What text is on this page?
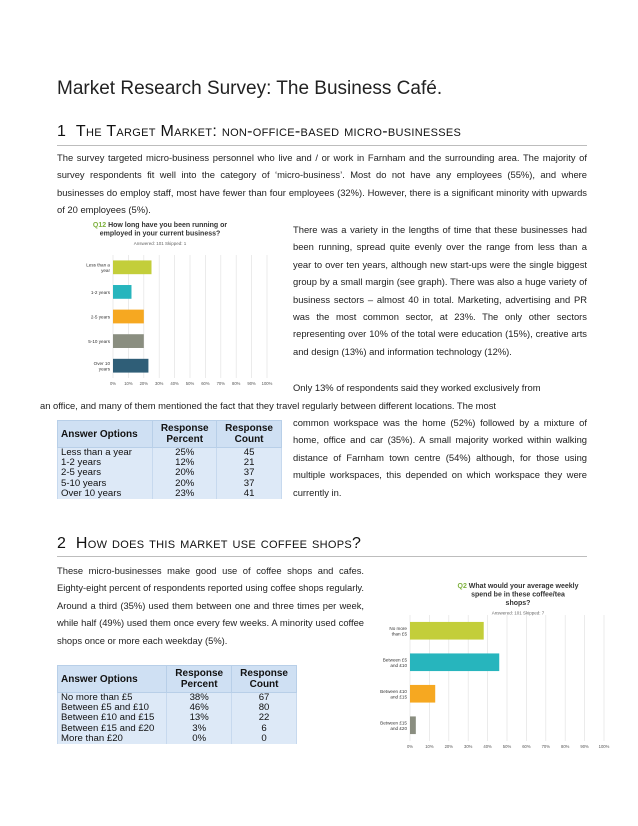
Market Research Survey: The Business Café.
1 The Target Market: non-office-based micro-businesses
The survey targeted micro-business personnel who live and / or work in Farnham and the surrounding area. The majority of survey respondents fit well into the category of ‘micro-business’. Most do not have any employees (55%), and where businesses do employ staff, most have fewer than four employees (32%). However, there is a significant minority with upwards of 20 employees (5%).
Q12 How long have you been running or
employed in your current business?
Answered: 101 Skipped: 1
0% 10% 20% 30% 40% 50% 60% 70% 80% 90% 100%
Less than a
year
1-2 years
2-5 years
5-10 years
Over 10
years
There was a variety in the lengths of time that these businesses had been running, spread quite evenly over the range from less than a year to over ten years, although new start-ups were the single biggest group by a small margin (see graph). There was also a huge variety of business sectors – almost 40 in total. Marketing, advertising and PR was the most common sector, at 23%. The only other sectors representing over 10% of the total were education (15%), creative arts and design (13%) and information technology (12%).
Only 13% of respondents said they worked exclusively from
an office, and many of them mentioned the fact that they travel regularly between different locations. The most
common workspace was the home (52%) followed by a mixture of home, office and car (35%). A small majority worked within walking distance of Farnham town centre (54%) although, for those using multiple workspaces, this depended on which workspace they were currently in.
Answer Options	Response Percent	Response Count
Less than a year	25%	45
1-2 years	12%	21
2-5 years	20%	37
5-10 years	20%	37
Over 10 years	23%	41
2 How does this market use coffee shops?
These micro-businesses make good use of coffee shops and cafes. Eighty-eight percent of respondents reported using coffee shops regularly. Around a third (35%) used them between one and three times per week, while half (49%) used them once every few weeks. A minority used coffee shops once or more each weekday (5%).
Answer Options	Response Percent	Response Count
No more than £5	38%	67
Between £5 and £10	46%	80
Between £10 and £15	13%	22
Between £15 and £20	3%	6
More than £20	0%	0
Q2 What would your average weekly
spend be in these coffee/tea
shops?
Answered: 101 Skipped: 7
0%	10%	20%	30%	40%	50%	60%	70%	80%	90% 100%
No more
than £5
Between £5
and £10
Between £10
and £15
Between £15
and £20
